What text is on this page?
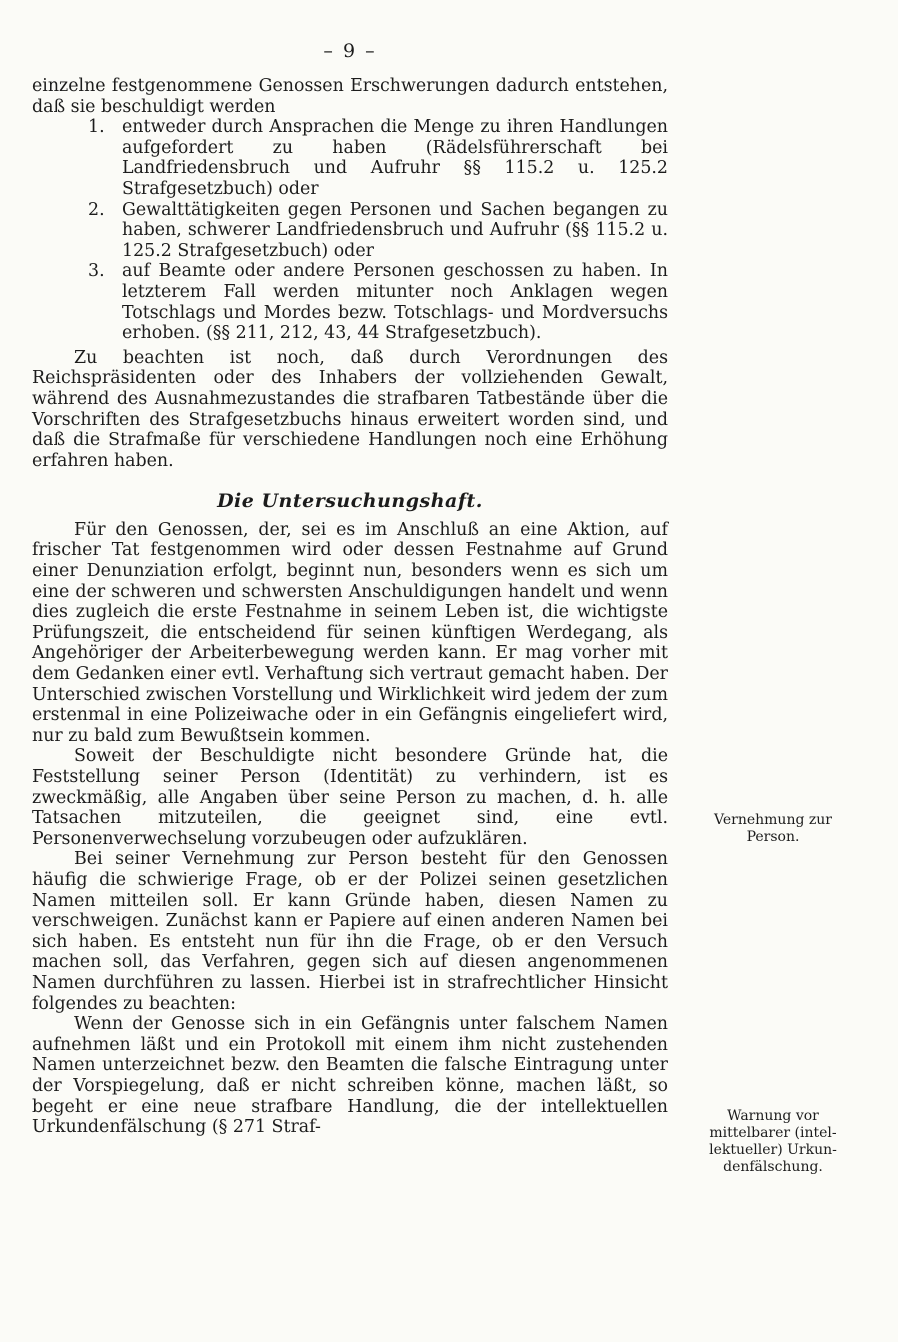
– 9 –

einzelne festgenommene Genossen Erschwerungen dadurch entstehen, daß sie beschuldigt werden

1. entweder durch Ansprachen die Menge zu ihren Handlungen aufgefordert zu haben (Rädelsführerschaft bei Landfriedensbruch und Aufruhr §§ 115.2 u. 125.2 Strafgesetzbuch) oder
2. Gewalttätigkeiten gegen Personen und Sachen begangen zu haben, schwerer Landfriedensbruch und Aufruhr (§§ 115.2 u. 125.2 Strafgesetzbuch) oder
3. auf Beamte oder andere Personen geschossen zu haben. In letzterem Fall werden mitunter noch Anklagen wegen Totschlags und Mordes bezw. Totschlags- und Mordversuchs erhoben. (§§ 211, 212, 43, 44 Strafgesetzbuch).

Zu beachten ist noch, daß durch Verordnungen des Reichspräsidenten oder des Inhabers der vollziehenden Gewalt, während des Ausnahmezustandes die strafbaren Tatbestände über die Vorschriften des Strafgesetzbuchs hinaus erweitert worden sind, und daß die Strafmaße für verschiedene Handlungen noch eine Erhöhung erfahren haben.

Die Untersuchungshaft.

Für den Genossen, der, sei es im Anschluß an eine Aktion, auf frischer Tat festgenommen wird oder dessen Festnahme auf Grund einer Denunziation erfolgt, beginnt nun, besonders wenn es sich um eine der schweren und schwersten Anschuldigungen handelt und wenn dies zugleich die erste Festnahme in seinem Leben ist, die wichtigste Prüfungszeit, die entscheidend für seinen künftigen Werdegang, als Angehöriger der Arbeiterbewegung werden kann. Er mag vorher mit dem Gedanken einer evtl. Verhaftung sich vertraut gemacht haben. Der Unterschied zwischen Vorstellung und Wirklichkeit wird jedem der zum erstenmal in eine Polizeiwache oder in ein Gefängnis eingeliefert wird, nur zu bald zum Bewußtsein kommen.

Soweit der Beschuldigte nicht besondere Gründe hat, die Feststellung seiner Person (Identität) zu verhindern, ist es zweckmäßig, alle Angaben über seine Person zu machen, d. h. alle Tatsachen mitzuteilen, die geeignet sind, eine evtl. Personenverwechselung vorzubeugen oder aufzuklären.

Bei seiner Vernehmung zur Person besteht für den Genossen häufig die schwierige Frage, ob er der Polizei seinen gesetzlichen Namen mitteilen soll. Er kann Gründe haben, diesen Namen zu verschweigen. Zunächst kann er Papiere auf einen anderen Namen bei sich haben. Es entsteht nun für ihn die Frage, ob er den Versuch machen soll, das Verfahren, gegen sich auf diesen angenommenen Namen durchführen zu lassen. Hierbei ist in strafrechtlicher Hinsicht folgendes zu beachten:

Wenn der Genosse sich in ein Gefängnis unter falschem Namen aufnehmen läßt und ein Protokoll mit einem ihm nicht zustehenden Namen unterzeichnet bezw. den Beamten die falsche Eintragung unter der Vorspiegelung, daß er nicht schreiben könne, machen läßt, so begeht er eine neue strafbare Handlung, die der intellektuellen Urkundenfälschung (§ 271 Straf-

Vernehmung zur
Person.
Warnung vor
mittelbarer (intel-
lektueller) Urkun-
denfälschung.
